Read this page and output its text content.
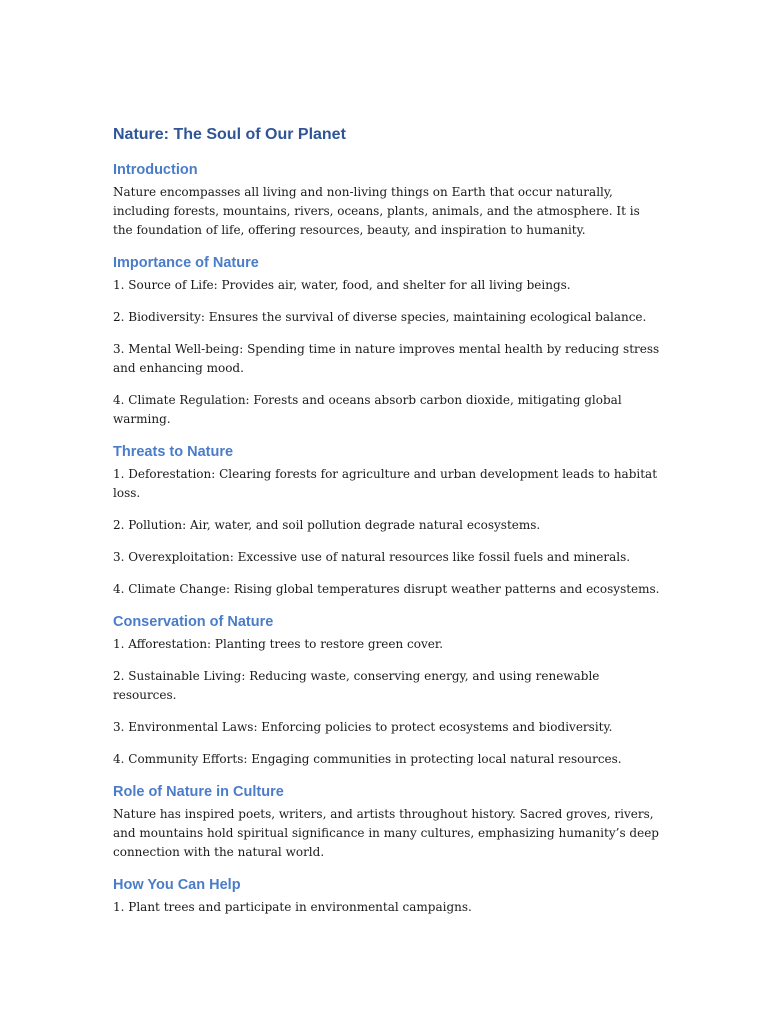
Nature: The Soul of Our Planet
Introduction

Nature encompasses all living and non-living things on Earth that occur naturally, including forests, mountains, rivers, oceans, plants, animals, and the atmosphere. It is the foundation of life, offering resources, beauty, and inspiration to humanity.

Importance of Nature

1. Source of Life: Provides air, water, food, and shelter for all living beings.

2. Biodiversity: Ensures the survival of diverse species, maintaining ecological balance.

3. Mental Well-being: Spending time in nature improves mental health by reducing stress and enhancing mood.

4. Climate Regulation: Forests and oceans absorb carbon dioxide, mitigating global warming.

Threats to Nature

1. Deforestation: Clearing forests for agriculture and urban development leads to habitat loss.

2. Pollution: Air, water, and soil pollution degrade natural ecosystems.

3. Overexploitation: Excessive use of natural resources like fossil fuels and minerals.

4. Climate Change: Rising global temperatures disrupt weather patterns and ecosystems.

Conservation of Nature

1. Afforestation: Planting trees to restore green cover.

2. Sustainable Living: Reducing waste, conserving energy, and using renewable resources.

3. Environmental Laws: Enforcing policies to protect ecosystems and biodiversity.

4. Community Efforts: Engaging communities in protecting local natural resources.

Role of Nature in Culture

Nature has inspired poets, writers, and artists throughout history. Sacred groves, rivers, and mountains hold spiritual significance in many cultures, emphasizing humanity’s deep connection with the natural world.

How You Can Help

1. Plant trees and participate in environmental campaigns.
